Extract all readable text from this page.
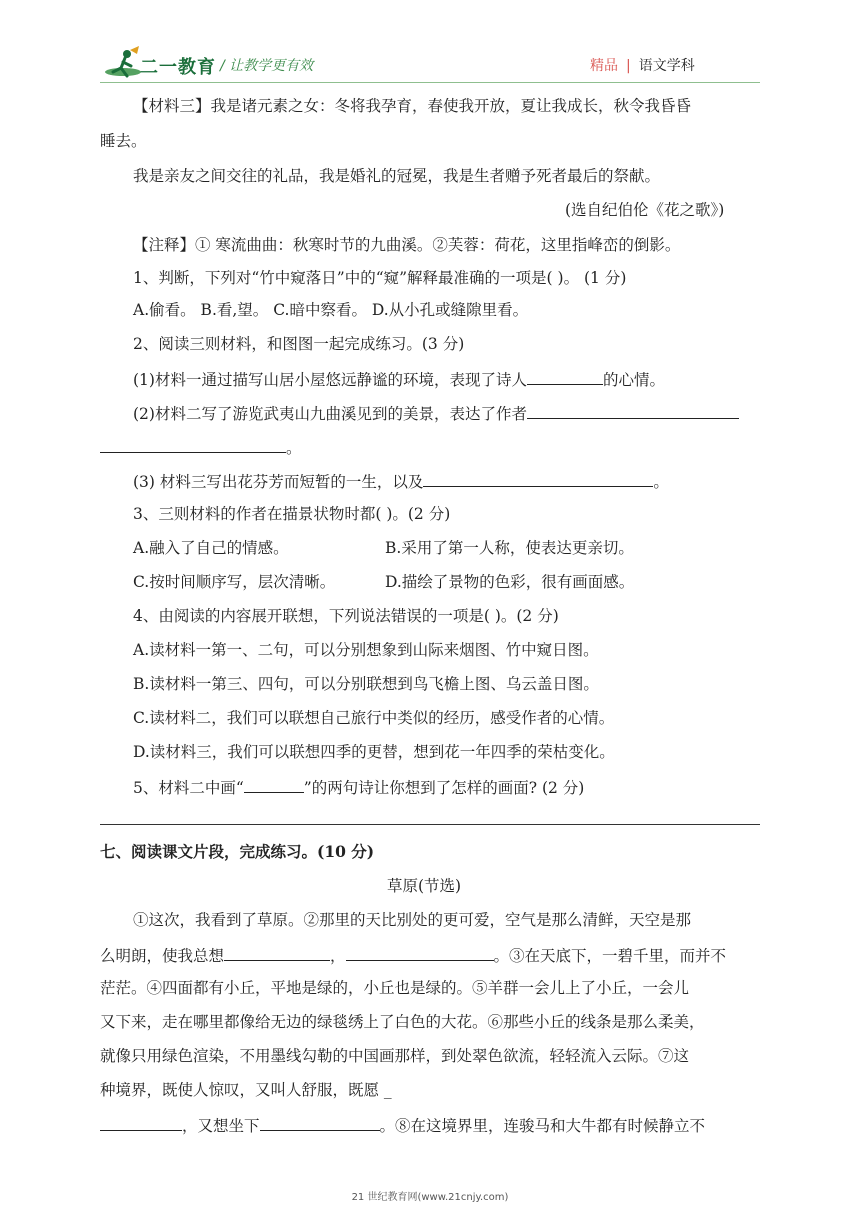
二一教育 / 让教学更有效	精品 | 语文学科
【材料三】我是诸元素之女：冬将我孕育，春使我开放，夏让我成长，秋令我昏昏
睡去。
我是亲友之间交往的礼品，我是婚礼的冠冕，我是生者赠予死者最后的祭献。
(选自纪伯伦《花之歌》)
【注释】① 寒流曲曲：秋寒时节的九曲溪。②芙蓉：荷花，这里指峰峦的倒影。
1、判断，下列对“竹中窥落日”中的“窥”解释最准确的一项是( )。 (1 分)
A.偷看。 B.看,望。 C.暗中察看。 D.从小孔或缝隙里看。
2、阅读三则材料，和图图一起完成练习。(3 分)
(1)材料一通过描写山居小屋悠远静谧的环境，表现了诗人	的心情。
(2)材料二写了游览武夷山九曲溪见到的美景，表达了作者
。
(3) 材料三写出花芬芳而短暂的一生，以及	。
3、三则材料的作者在描景状物时都( )。(2 分)
A.融入了自己的情感。	B.采用了第一人称，使表达更亲切。
C.按时间顺序写，层次清晰。	D.描绘了景物的色彩，很有画面感。
4、由阅读的内容展开联想，下列说法错误的一项是( )。(2 分)
A.读材料一第一、二句，可以分别想象到山际来烟图、竹中窥日图。
B.读材料一第三、四句，可以分别联想到鸟飞檐上图、乌云盖日图。
C.读材料二，我们可以联想自己旅行中类似的经历，感受作者的心情。
D.读材料三，我们可以联想四季的更替，想到花一年四季的荣枯变化。
5、材料二中画“	”的两句诗让你想到了怎样的画面? (2 分)
七、阅读课文片段，完成练习。(10 分)
草原(节选)
①这次，我看到了草原。②那里的天比别处的更可爱，空气是那么清鲜，天空是那
么明朗，使我总想	，	。③在天底下，一碧千里，而并不
茫茫。④四面都有小丘，平地是绿的，小丘也是绿的。⑤羊群一会儿上了小丘，一会儿
又下来，走在哪里都像给无边的绿毯绣上了白色的大花。⑥那些小丘的线条是那么柔美，
就像只用绿色渲染，不用墨线勾勒的中国画那样，到处翠色欲流，轻轻流入云际。⑦这
种境界，既使人惊叹，又叫人舒服，既愿 _
，又想坐下	。⑧在这境界里，连骏马和大牛都有时候静立不
21 世纪教育网(www.21cnjy.com)
